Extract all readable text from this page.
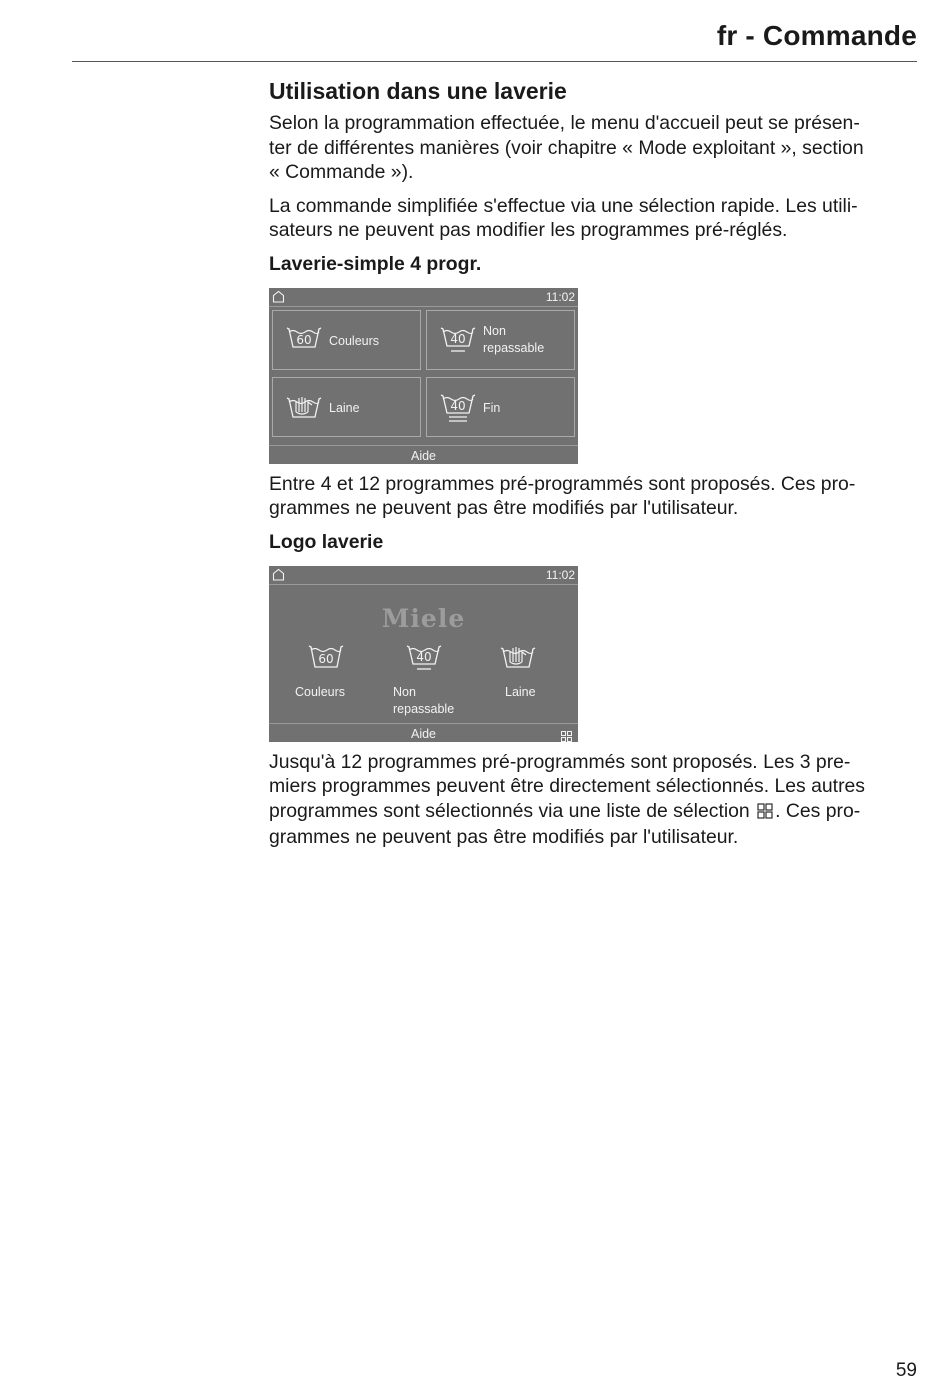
fr - Commande
Utilisation dans une laverie

Selon la programmation effectuée, le menu d'accueil peut se présen-
ter de différentes manières (voir chapitre « Mode exploitant », section
« Commande »).

La commande simplifiée s'effectue via une sélection rapide. Les utili-
sateurs ne peuvent pas modifier les programmes pré-réglés.

Laverie-simple 4 progr.
11:02
60 Couleurs	40
Non
repassable
Laine	40 Fin
Aide

Entre 4 et 12 programmes pré-programmés sont proposés. Ces pro-
grammes ne peuvent pas être modifiés par l'utilisateur.

Logo laverie
11:02
Miele
60
Couleurs
40
Non
repassable
Laine
Aide

Jusqu'à 12 programmes pré-programmés sont proposés. Les 3 pre-
miers programmes peuvent être directement sélectionnés. Les autres
programmes sont sélectionnés via une liste de sélection . Ces pro-
grammes ne peuvent pas être modifiés par l'utilisateur.

59
